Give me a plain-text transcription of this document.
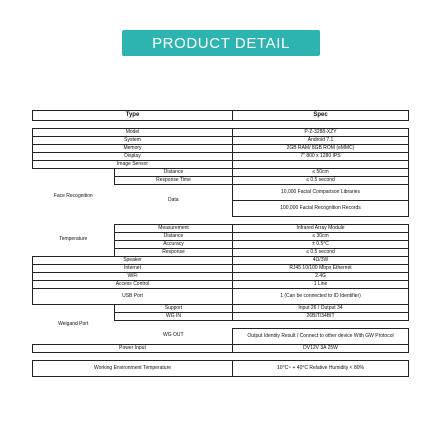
PRODUCT DETAIL
Type		Spec

Model		P-Z-3288-XZY
System		Android 7.1
Memory		2GB RAM/ 8GB ROM (eMMC)
Display		7" 800 x 1280 IPS
Image Sensor		
Face Recognition	Distance	≤ 50cm
	Response Time	≤ 0.5 second
	Data	10,000 Facial Comparison Libraries
		100,000 Facial Recognition Records

Temperature	Measurement	Infrared Array Module
	Distance	≤ 30cm
	Accuracy	± 0.5°C
	Response	≤ 0.5 second
Speaker		4Ω/3W
Internet		RJ45 10/100 Mbps Ethernet
WiFi		2.4G
Access Control		1 Line
USB Port		1 (Can be connected to ID Identifier)
Weigand Port	Support	Input 26 / Output 34
	WG IN	26BIT/34BIT

	WG OUT	Output Identity Result / Connect to other device With GW Protocol
Power Input		DV12V 3A 25W

Working Environment Temperature		10°C~ + 40°C Relative Humidity < 80%
